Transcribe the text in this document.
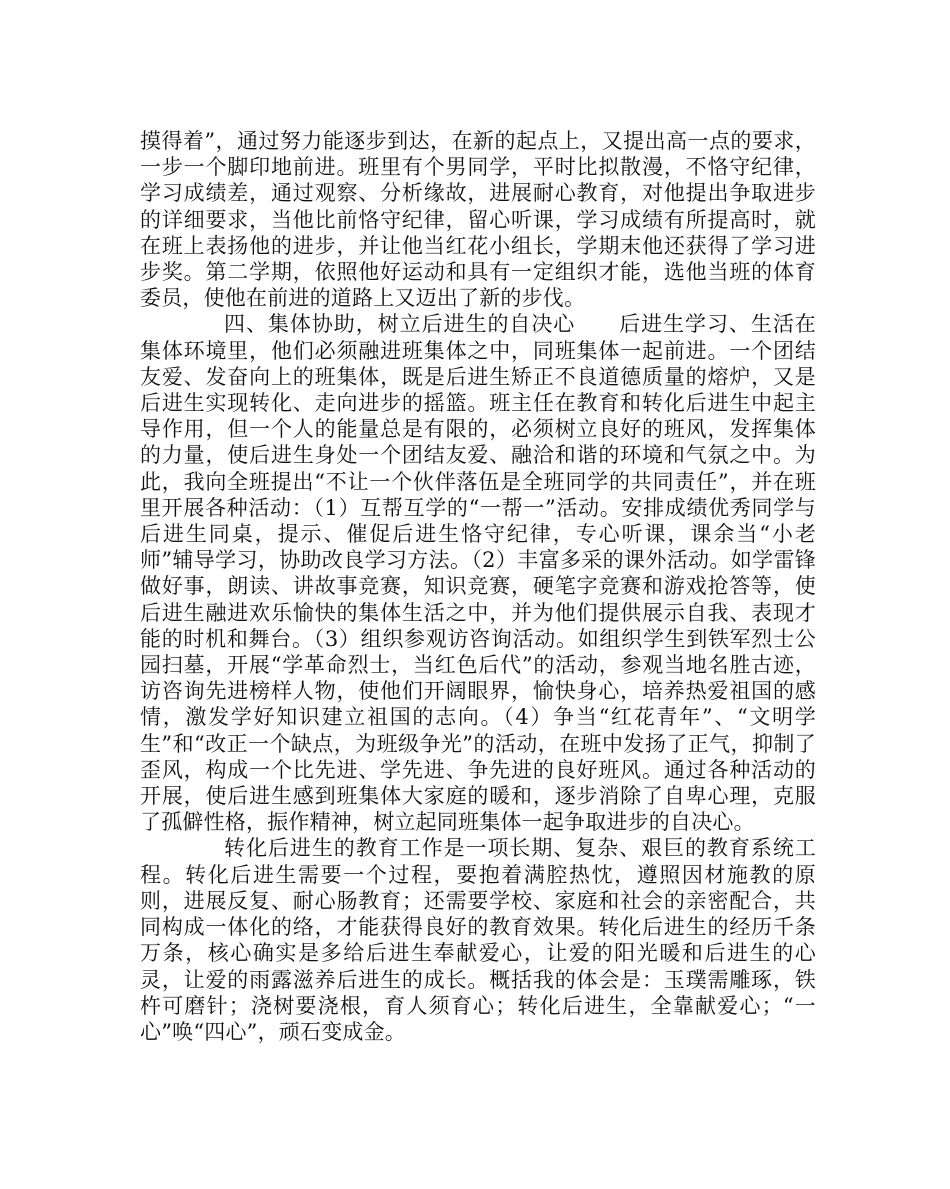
摸得着”，通过努力能逐步到达，在新的起点上，又提出高一点的要求，一步一个脚印地前进。班里有个男同学，平时比拟散漫，不恪守纪律，学习成绩差，通过观察、分析缘故，进展耐心教育，对他提出争取进步的详细要求，当他比前恪守纪律，留心听课，学习成绩有所提高时，就在班上表扬他的进步，并让他当红花小组长，学期末他还获得了学习进步奖。第二学期，依照他好运动和具有一定组织才能，选他当班的体育委员，使他在前进的道路上又迈出了新的步伐。

四、集体协助，树立后进生的自决心　　后进生学习、生活在集体环境里，他们必须融进班集体之中，同班集体一起前进。一个团结友爱、发奋向上的班集体，既是后进生矫正不良道德质量的熔炉，又是后进生实现转化、走向进步的摇篮。班主任在教育和转化后进生中起主导作用，但一个人的能量总是有限的，必须树立良好的班风，发挥集体的力量，使后进生身处一个团结友爱、融洽和谐的环境和气氛之中。为此，我向全班提出“不让一个伙伴落伍是全班同学的共同责任”，并在班里开展各种活动：（1）互帮互学的“一帮一”活动。安排成绩优秀同学与后进生同桌，提示、催促后进生恪守纪律，专心听课，课余当“小老师”辅导学习，协助改良学习方法。（2）丰富多采的课外活动。如学雷锋做好事，朗读、讲故事竞赛，知识竞赛，硬笔字竞赛和游戏抢答等，使后进生融进欢乐愉快的集体生活之中，并为他们提供展示自我、表现才能的时机和舞台。（3）组织参观访咨询活动。如组织学生到铁军烈士公园扫墓，开展“学革命烈士，当红色后代”的活动，参观当地名胜古迹，访咨询先进榜样人物，使他们开阔眼界，愉快身心，培养热爱祖国的感情，激发学好知识建立祖国的志向。（4）争当“红花青年”、“文明学生”和“改正一个缺点，为班级争光”的活动，在班中发扬了正气，抑制了歪风，构成一个比先进、学先进、争先进的良好班风。通过各种活动的开展，使后进生感到班集体大家庭的暖和，逐步消除了自卑心理，克服了孤僻性格，振作精神，树立起同班集体一起争取进步的自决心。

转化后进生的教育工作是一项长期、复杂、艰巨的教育系统工程。转化后进生需要一个过程，要抱着满腔热忱，遵照因材施教的原则，进展反复、耐心肠教育；还需要学校、家庭和社会的亲密配合，共同构成一体化的络，才能获得良好的教育效果。转化后进生的经历千条万条，核心确实是多给后进生奉献爱心，让爱的阳光暖和后进生的心灵，让爱的雨露滋养后进生的成长。概括我的体会是：玉璞需雕琢，铁杵可磨针；浇树要浇根，育人须育心；转化后进生，全靠献爱心；“一心”唤“四心”，顽石变成金。
